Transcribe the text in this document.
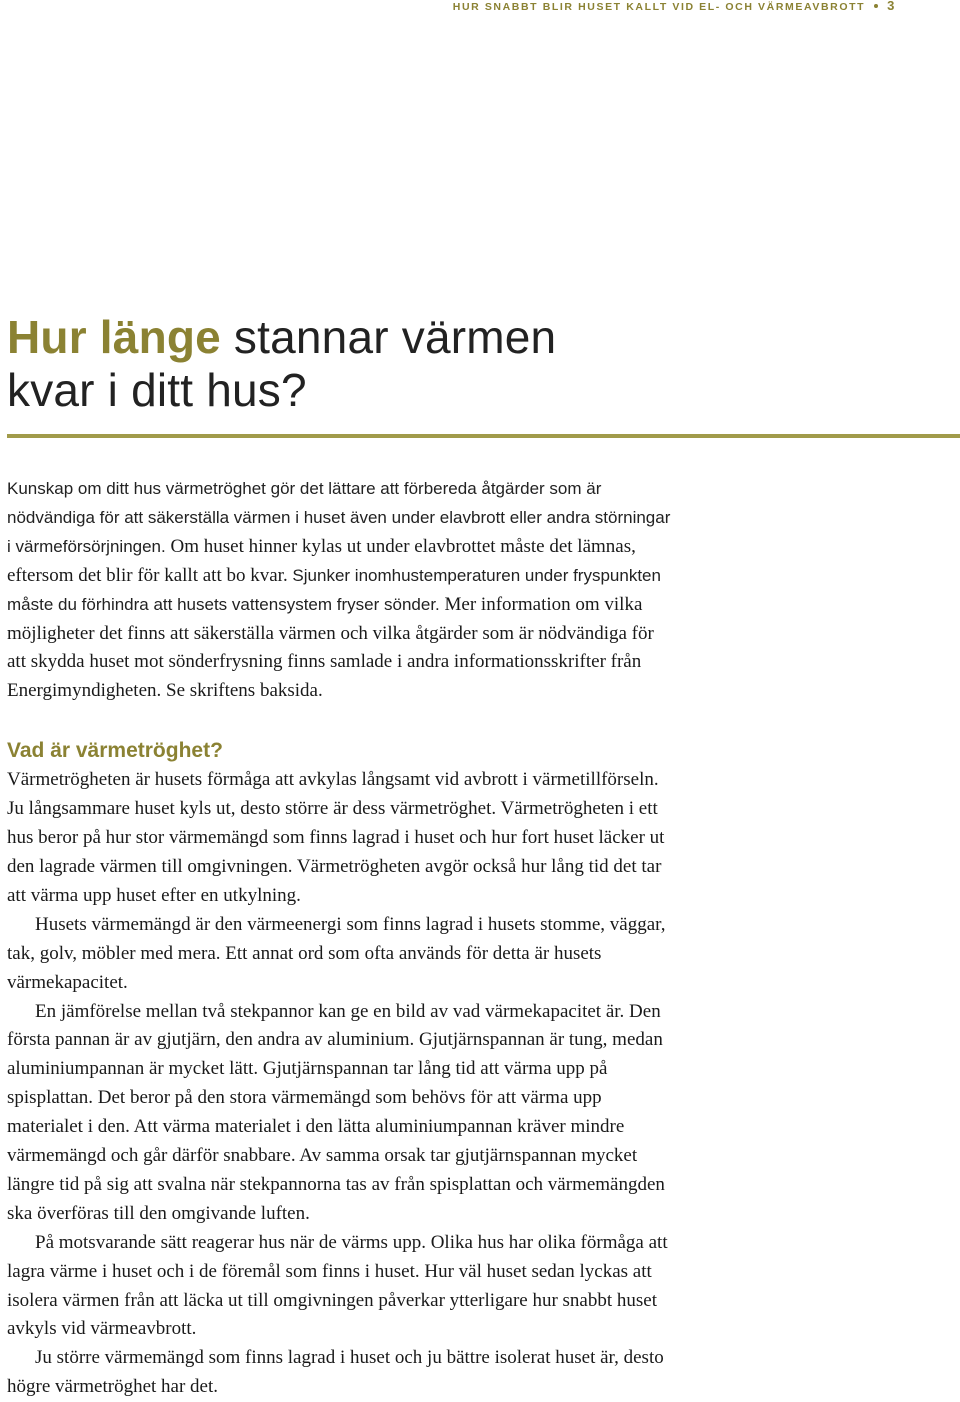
HUR SNABBT BLIR HUSET KALLT VID EL- OCH VÄRMEAVBROTT 3
Hur länge stannar värmen
kvar i ditt hus?

Kunskap om ditt hus värmetröghet gör det lättare att förbereda åtgärder som är nödvändiga för att säkerställa värmen i huset även under elavbrott eller andra störningar i värmeförsörjningen. Om huset hinner kylas ut under elavbrottet måste det lämnas, eftersom det blir för kallt att bo kvar. Sjunker inomhustemperaturen under fryspunkten måste du förhindra att husets vattensystem fryser sönder. Mer information om vilka möjligheter det finns att säkerställa värmen och vilka åtgärder som är nödvändiga för att skydda huset mot sönderfrysning finns samlade i andra informationsskrifter från Energimyndigheten. Se skriftens baksida.

Vad är värmetröghet?

Värmetrögheten är husets förmåga att avkylas långsamt vid avbrott i värmetillförseln. Ju långsammare huset kyls ut, desto större är dess värmetröghet. Värmetrögheten i ett hus beror på hur stor värmemängd som finns lagrad i huset och hur fort huset läcker ut den lagrade värmen till omgivningen. Värmetrögheten avgör också hur lång tid det tar att värma upp huset efter en utkylning.

Husets värmemängd är den värmeenergi som finns lagrad i husets stomme, väggar, tak, golv, möbler med mera. Ett annat ord som ofta används för detta är husets värmekapacitet.

En jämförelse mellan två stekpannor kan ge en bild av vad värmekapacitet är. Den första pannan är av gjutjärn, den andra av aluminium. Gjutjärnspannan är tung, medan aluminiumpannan är mycket lätt. Gjutjärnspannan tar lång tid att värma upp på spisplattan. Det beror på den stora värmemängd som behövs för att värma upp materialet i den. Att värma materialet i den lätta aluminiumpannan kräver mindre värmemängd och går därför snabbare. Av samma orsak tar gjutjärnspannan mycket längre tid på sig att svalna när stekpannorna tas av från spisplattan och värmemängden ska överföras till den omgivande luften.

På motsvarande sätt reagerar hus när de värms upp. Olika hus har olika förmåga att lagra värme i huset och i de föremål som finns i huset. Hur väl huset sedan lyckas att isolera värmen från att läcka ut till omgivningen påverkar ytterligare hur snabbt huset avkyls vid värmeavbrott.

Ju större värmemängd som finns lagrad i huset och ju bättre isolerat huset är, desto högre värmetröghet har det.
